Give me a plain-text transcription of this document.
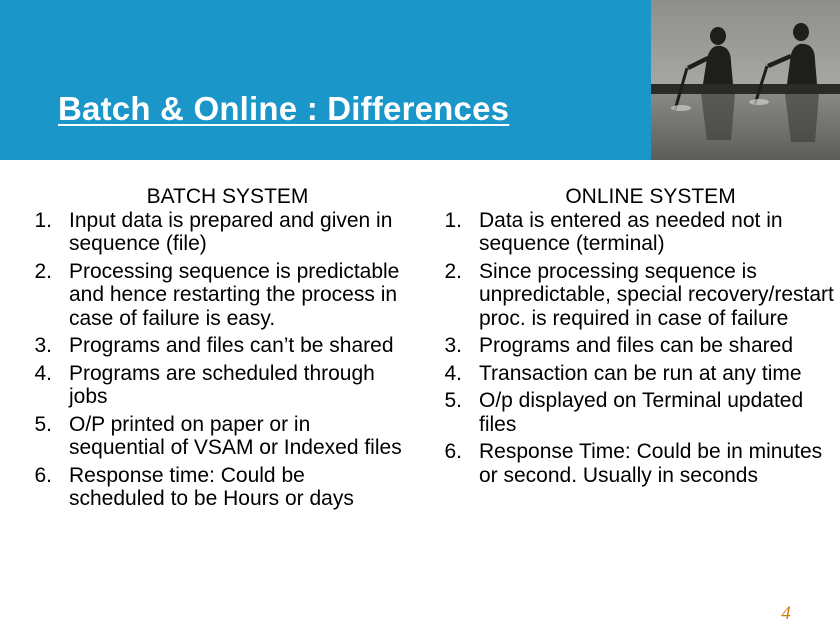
Batch & Online : Differences
BATCH SYSTEM
1. Input data is prepared and given in sequence (file)
2. Processing sequence is predictable and hence restarting the process in case of failure is easy.
3. Programs and files can’t be shared
4. Programs are scheduled through jobs
5. O/P printed on paper or in sequential of VSAM or Indexed files
6. Response time: Could be scheduled to be Hours or days
ONLINE SYSTEM
1. Data is entered as needed not in sequence (terminal)
2. Since processing sequence is unpredictable, special recovery/restart proc. is required in case of failure
3. Programs and files can be shared
4. Transaction can be run at any time
5. O/p displayed on Terminal updated files
6. Response Time: Could be in minutes or second. Usually in seconds
4
